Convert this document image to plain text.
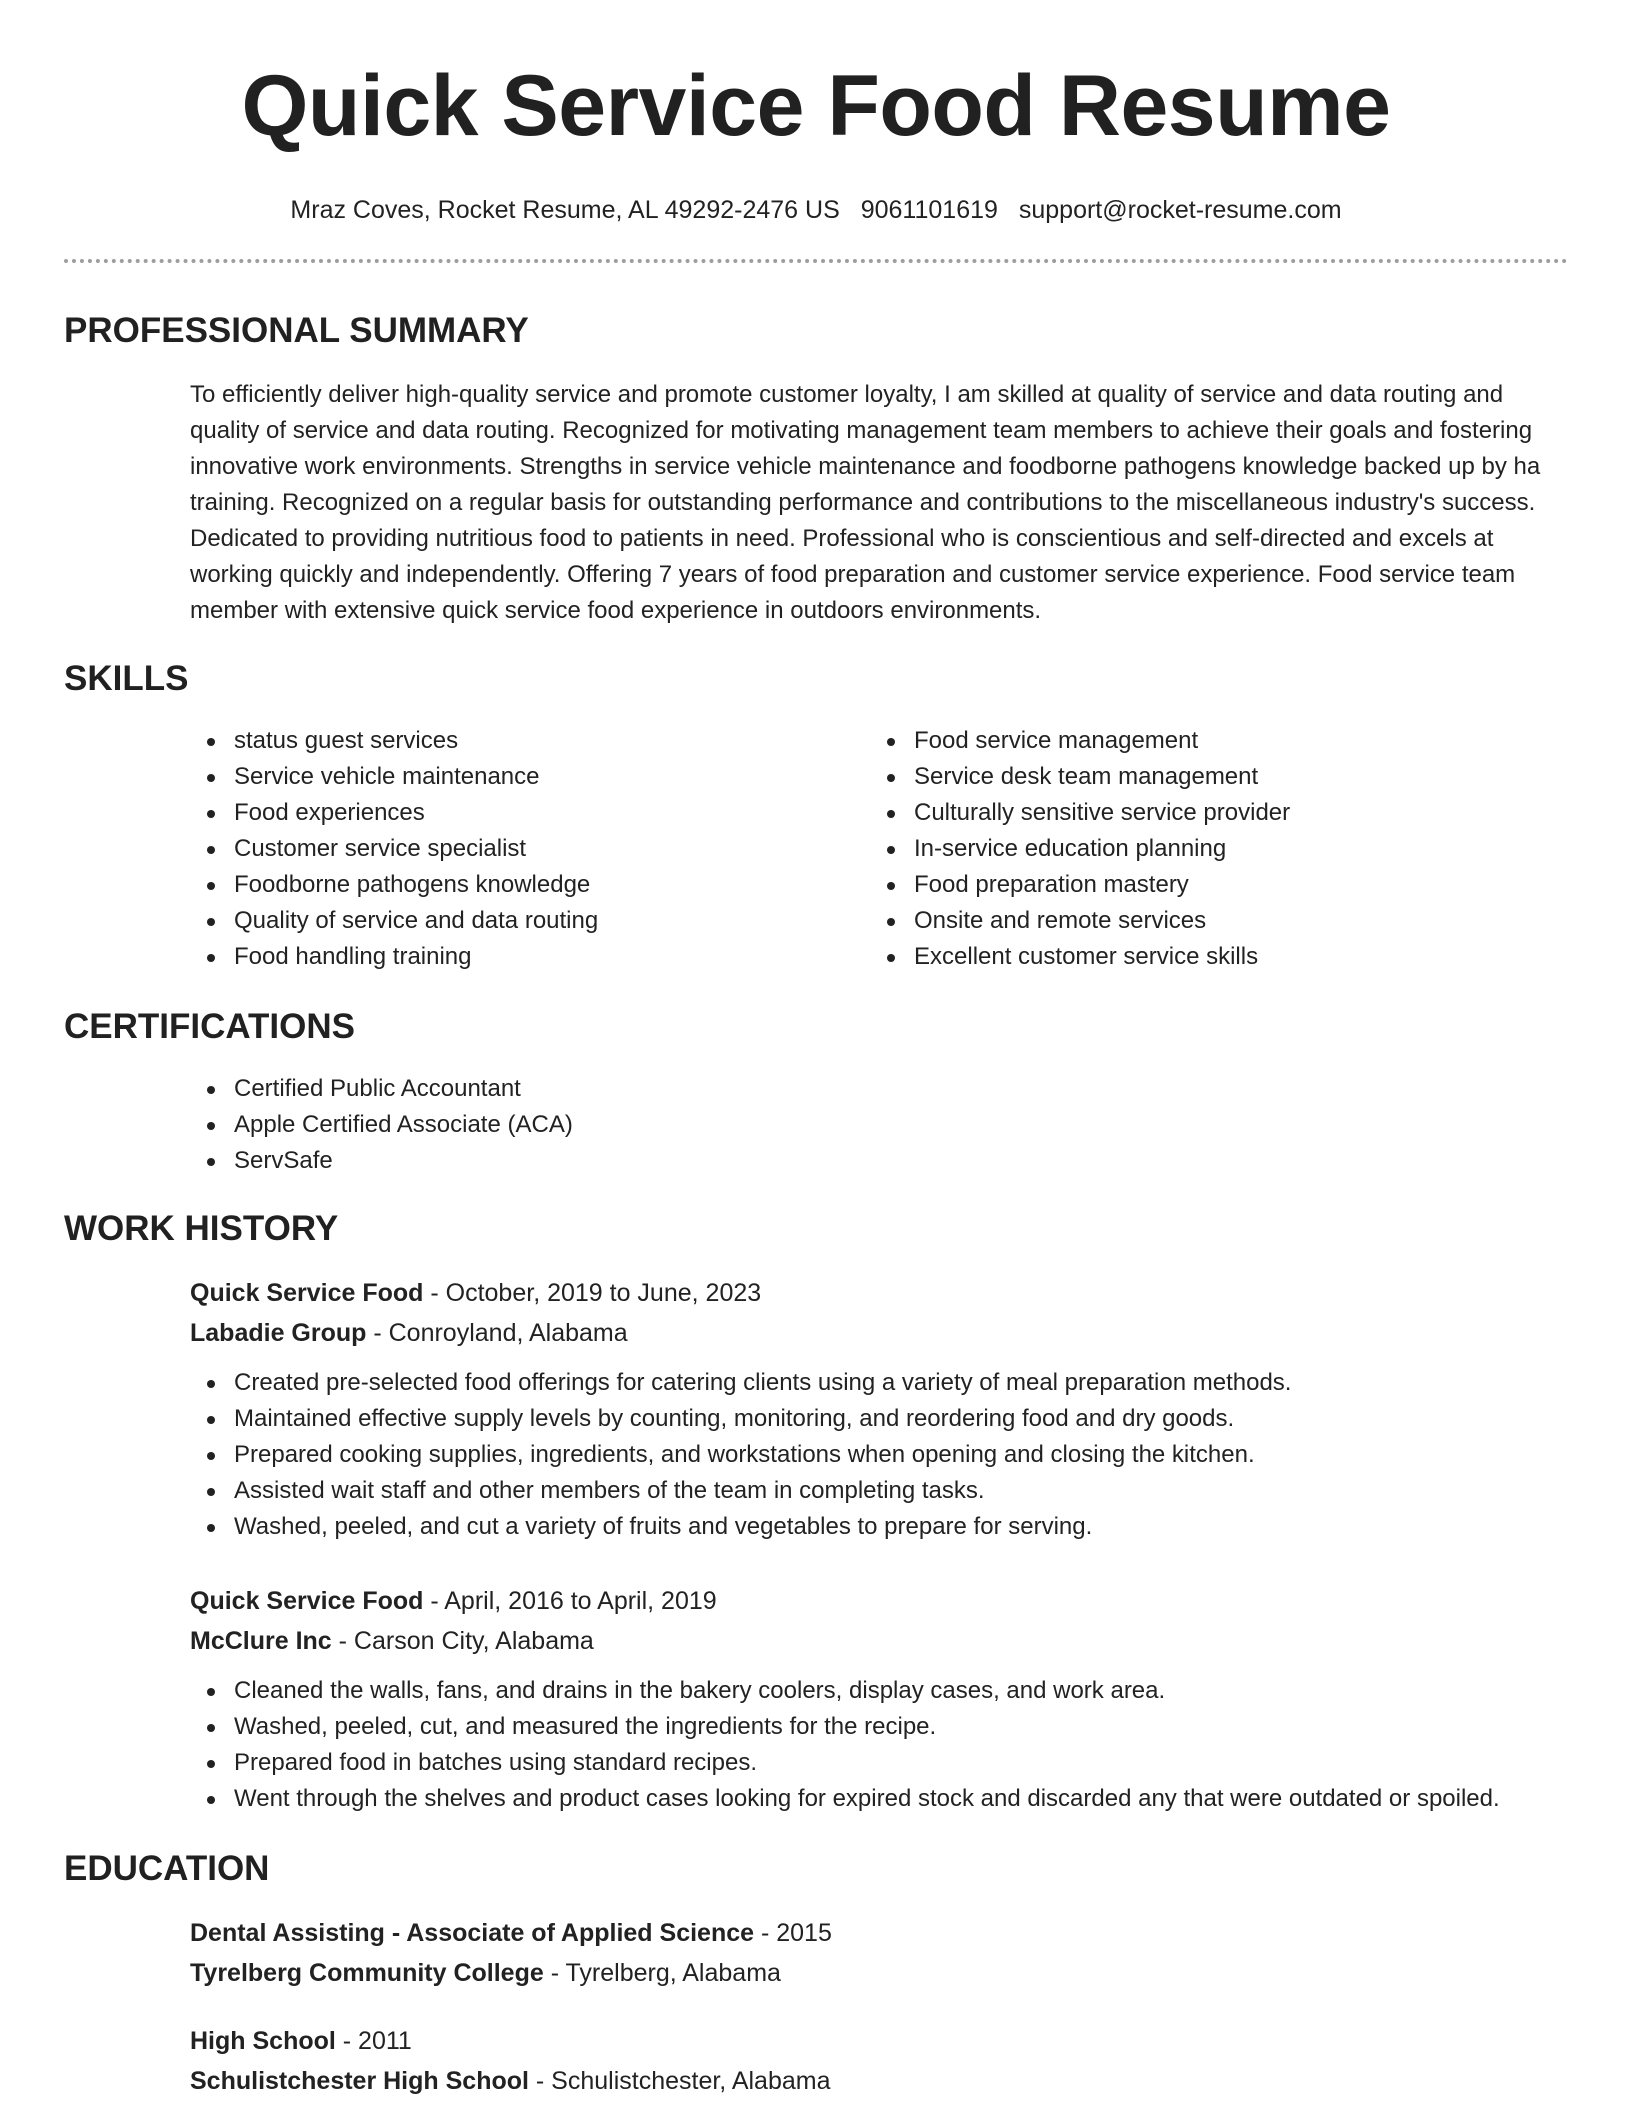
Quick Service Food Resume
Mraz Coves, Rocket Resume, AL 49292-2476 US 9061101619 support@rocket-resume.com
PROFESSIONAL SUMMARY
To efficiently deliver high-quality service and promote customer loyalty, I am skilled at quality of service and data routing and quality of service and data routing. Recognized for motivating management team members to achieve their goals and fostering innovative work environments. Strengths in service vehicle maintenance and foodborne pathogens knowledge backed up by ha training. Recognized on a regular basis for outstanding performance and contributions to the miscellaneous industry's success. Dedicated to providing nutritious food to patients in need. Professional who is conscientious and self-directed and excels at working quickly and independently. Offering 7 years of food preparation and customer service experience. Food service team member with extensive quick service food experience in outdoors environments.
SKILLS
status guest services
Service vehicle maintenance
Food experiences
Customer service specialist
Foodborne pathogens knowledge
Quality of service and data routing
Food handling training
Food service management
Service desk team management
Culturally sensitive service provider
In-service education planning
Food preparation mastery
Onsite and remote services
Excellent customer service skills
CERTIFICATIONS
Certified Public Accountant
Apple Certified Associate (ACA)
ServSafe
WORK HISTORY
Quick Service Food - October, 2019 to June, 2023
Labadie Group - Conroyland, Alabama
Created pre-selected food offerings for catering clients using a variety of meal preparation methods.
Maintained effective supply levels by counting, monitoring, and reordering food and dry goods.
Prepared cooking supplies, ingredients, and workstations when opening and closing the kitchen.
Assisted wait staff and other members of the team in completing tasks.
Washed, peeled, and cut a variety of fruits and vegetables to prepare for serving.
Quick Service Food - April, 2016 to April, 2019
McClure Inc - Carson City, Alabama
Cleaned the walls, fans, and drains in the bakery coolers, display cases, and work area.
Washed, peeled, cut, and measured the ingredients for the recipe.
Prepared food in batches using standard recipes.
Went through the shelves and product cases looking for expired stock and discarded any that were outdated or spoiled.
EDUCATION
Dental Assisting - Associate of Applied Science - 2015
Tyrelberg Community College - Tyrelberg, Alabama
High School - 2011
Schulistchester High School - Schulistchester, Alabama
